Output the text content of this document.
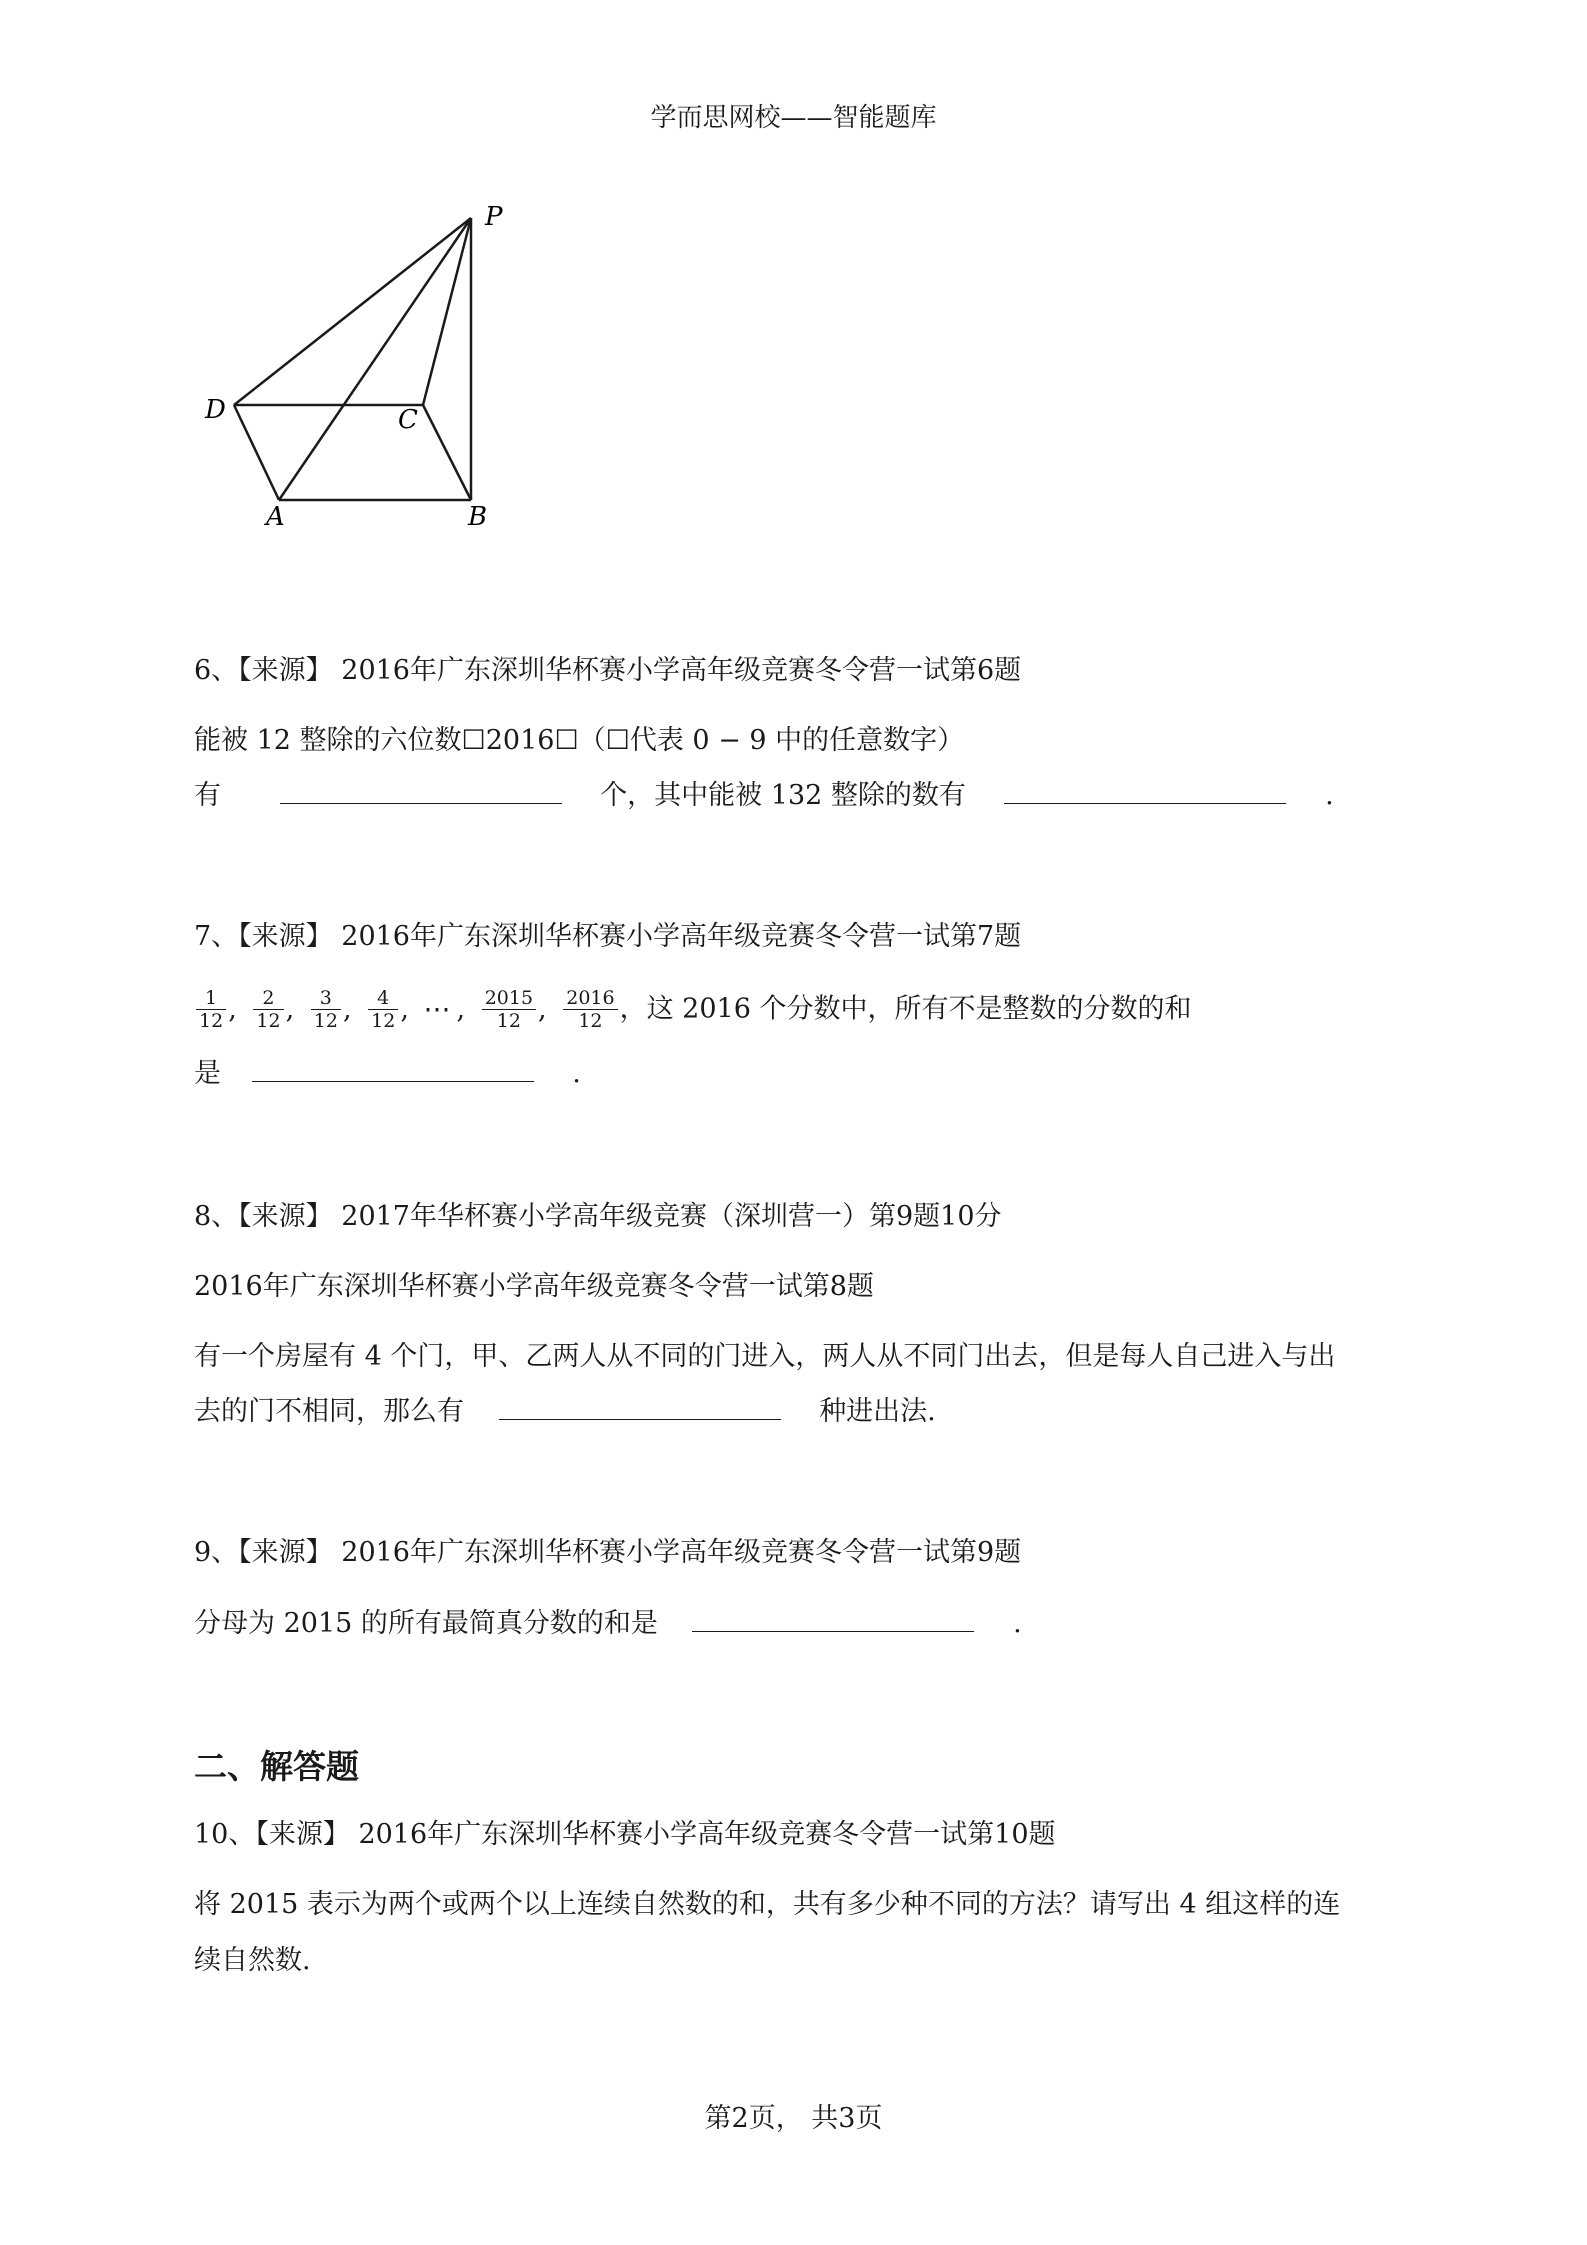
学而思网校——智能题库
P
D	C
A	B
6、【来源】 2016年广东深圳华杯赛小学高年级竞赛冬令营一试第6题
能被 12 整除的六位数☐2016☐（☐代表 0 − 9 中的任意数字）
有	个，其中能被 132 整除的数有	.
7、【来源】 2016年广东深圳华杯赛小学高年级竞赛冬令营一试第7题
$\frac{1}{12}$ , $\frac{2}{12}$ , $\frac{3}{12}$ , $\frac{4}{12}$ , ⋯ , $\frac{2015}{12}$ , $\frac{2016}{12}$ ，这 2016 个分数中，所有不是整数的分数的和
是	.
8、【来源】 2017年华杯赛小学高年级竞赛（深圳营一）第9题10分
2016年广东深圳华杯赛小学高年级竞赛冬令营一试第8题
有一个房屋有 4 个门，甲、乙两人从不同的门进入，两人从不同门出去，但是每人自己进入与出
去的门不相同，那么有	种进出法.
9、【来源】 2016年广东深圳华杯赛小学高年级竞赛冬令营一试第9题
分母为 2015 的所有最简真分数的和是	.
二、解答题
10、【来源】 2016年广东深圳华杯赛小学高年级竞赛冬令营一试第10题
将 2015 表示为两个或两个以上连续自然数的和，共有多少种不同的方法？请写出 4 组这样的连
续自然数.
第2页， 共3页
